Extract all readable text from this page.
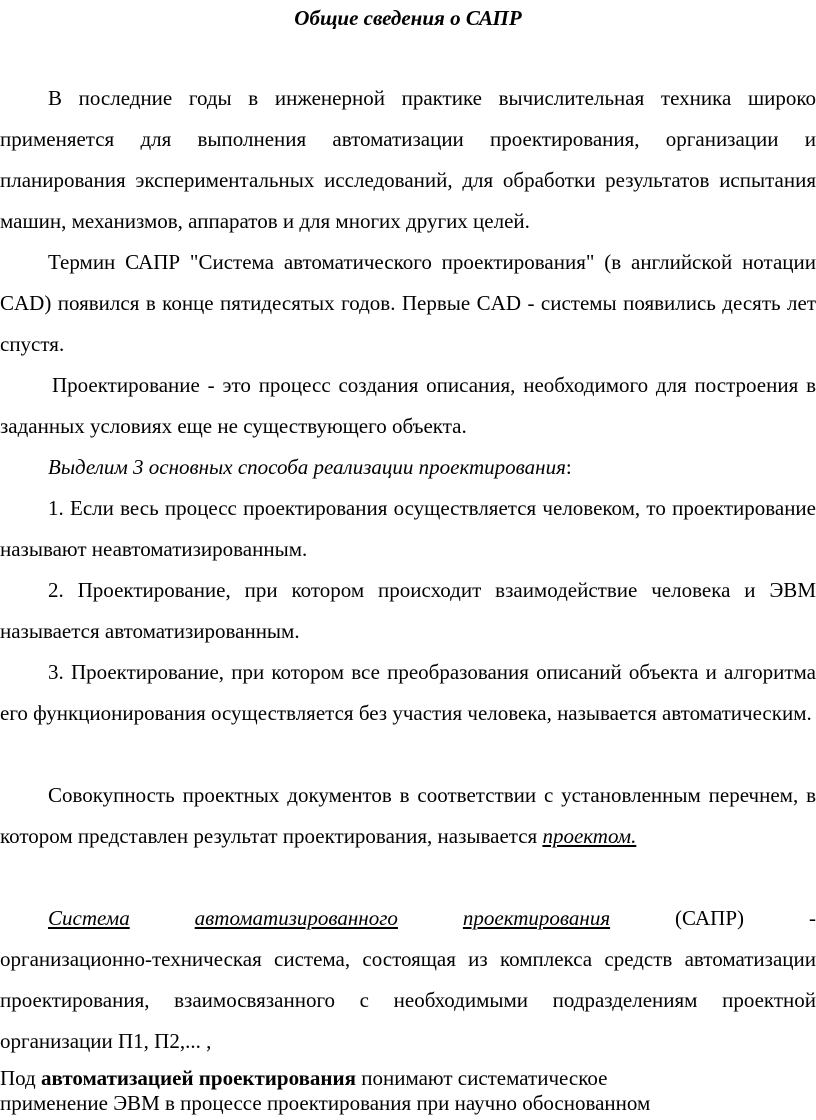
Общие сведения о САПР

В последние годы в инженерной практике вычислительная техника широко применяется для выполнения автоматизации проектирования, организации и планирования экспериментальных исследований, для обработки результатов испытания машин, механизмов, аппаратов и для многих других целей.

Термин САПР "Система автоматического проектирования" (в английской нотации CAD) появился в конце пятидесятых годов. Первые CAD - системы появились десять лет спустя.

Проектирование - это процесс создания описания, необходимого для построения в заданных условиях еще не существующего объекта.

Выделим 3 основных способа реализации проектирования:

1. Если весь процесс проектирования осуществляется человеком, то проектирование называют неавтоматизированным.

2. Проектирование, при котором происходит взаимодействие человека и ЭВМ называется автоматизированным.

3. Проектирование, при котором все преобразования описаний объекта и алгоритма его функционирования осуществляется без участия человека, называется автоматическим.

Совокупность проектных документов в соответствии с установленным перечнем, в котором представлен результат проектирования, называется проектом.

Система	автоматизированного	проектирования	(САПР)	-

организационно-техническая система, состоящая из комплекса средств автоматизации проектирования, взаимосвязанного с необходимыми подразделениям проектной организации П1, П2,... ,

Под автоматизацией проектирования понимают систематическое
применение ЭВМ в процессе проектирования при научно обоснованном
